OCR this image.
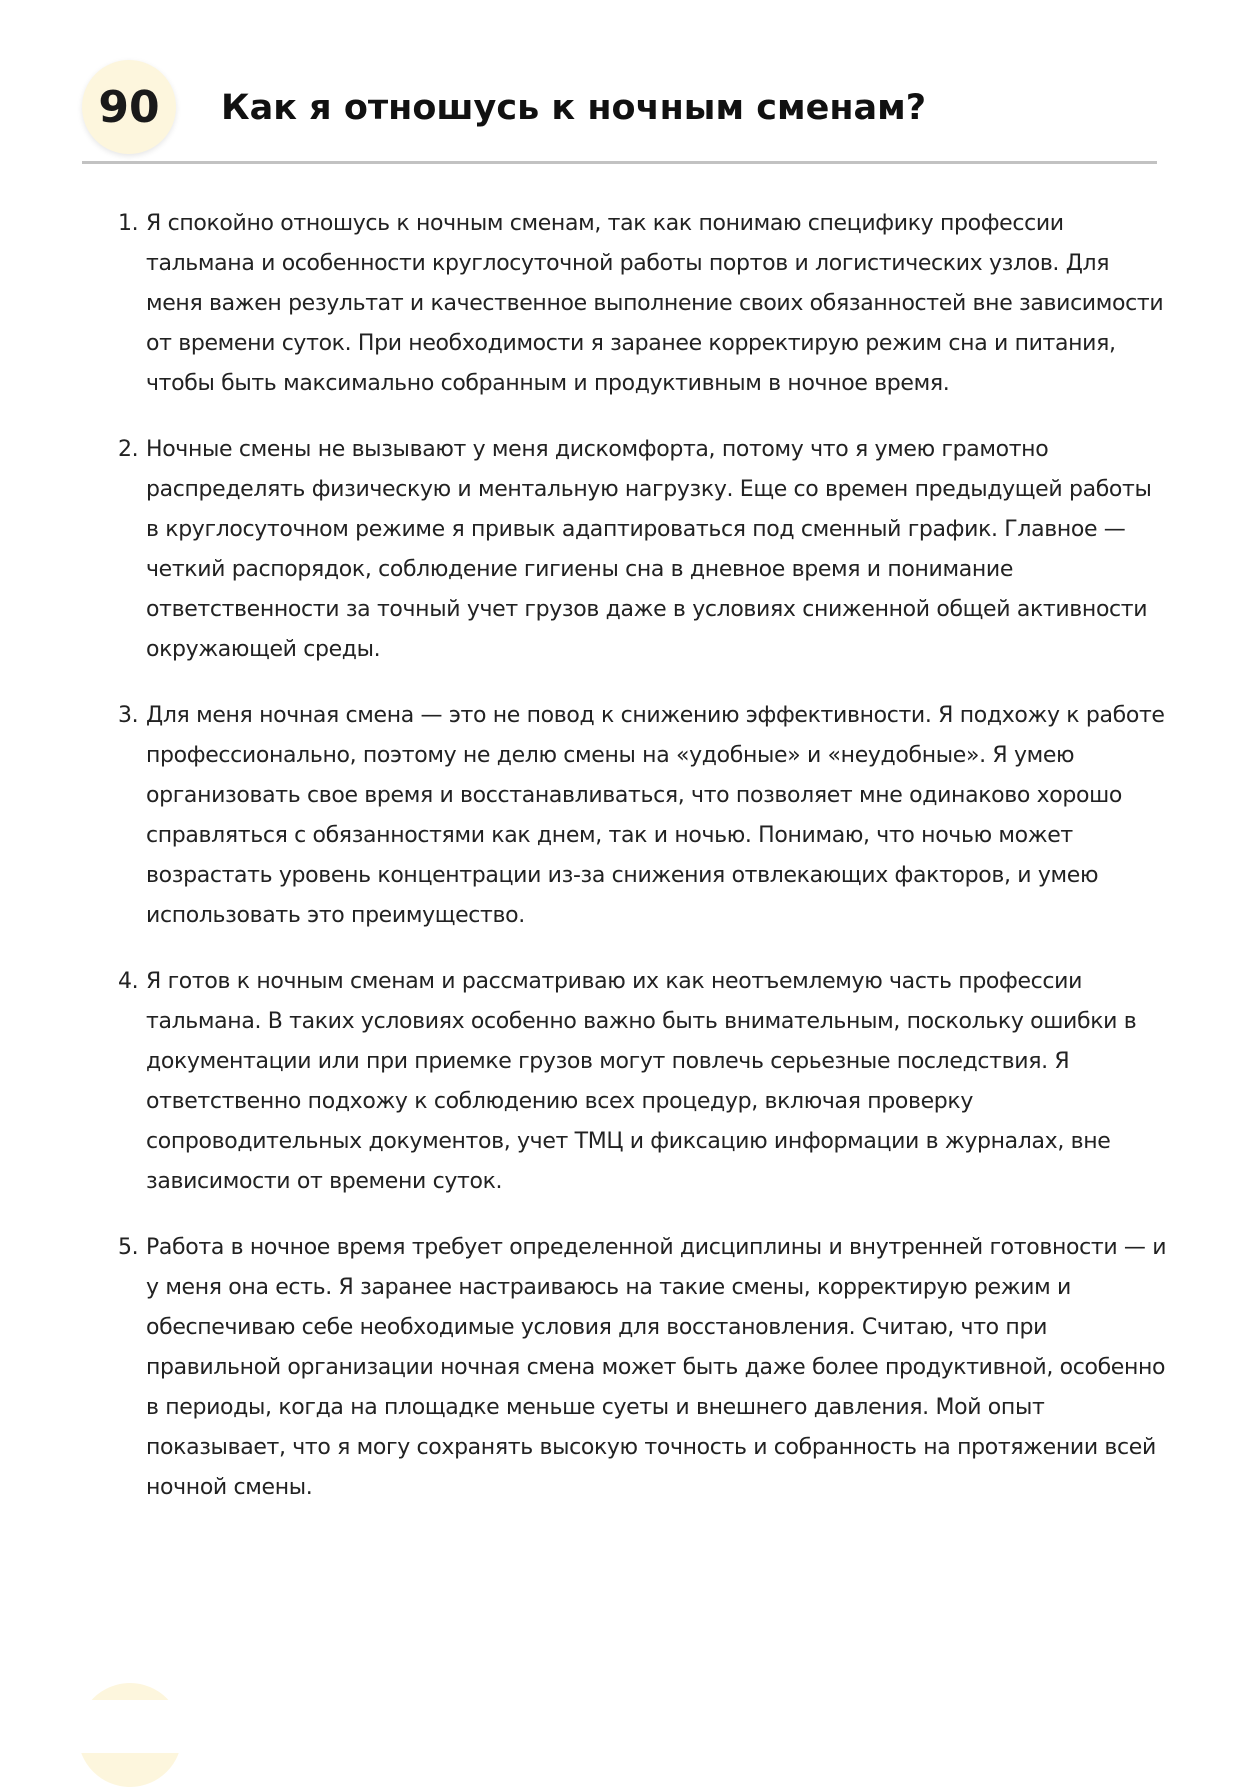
90 Как я отношусь к ночным сменам?
1. Я спокойно отношусь к ночным сменам, так как понимаю специфику профессии тальмана и особенности круглосуточной работы портов и логистических узлов. Для меня важен результат и качественное выполнение своих обязанностей вне зависимости от времени суток. При необходимости я заранее корректирую режим сна и питания, чтобы быть максимально собранным и продуктивным в ночное время.
2. Ночные смены не вызывают у меня дискомфорта, потому что я умею грамотно распределять физическую и ментальную нагрузку. Еще со времен предыдущей работы в круглосуточном режиме я привык адаптироваться под сменный график. Главное — четкий распорядок, соблюдение гигиены сна в дневное время и понимание ответственности за точный учет грузов даже в условиях сниженной общей активности окружающей среды.
3. Для меня ночная смена — это не повод к снижению эффективности. Я подхожу к работе профессионально, поэтому не делю смены на «удобные» и «неудобные». Я умею организовать свое время и восстанавливаться, что позволяет мне одинаково хорошо справляться с обязанностями как днем, так и ночью. Понимаю, что ночью может возрастать уровень концентрации из-за снижения отвлекающих факторов, и умею использовать это преимущество.
4. Я готов к ночным сменам и рассматриваю их как неотъемлемую часть профессии тальмана. В таких условиях особенно важно быть внимательным, поскольку ошибки в документации или при приемке грузов могут повлечь серьезные последствия. Я ответственно подхожу к соблюдению всех процедур, включая проверку сопроводительных документов, учет ТМЦ и фиксацию информации в журналах, вне зависимости от времени суток.
5. Работа в ночное время требует определенной дисциплины и внутренней готовности — и у меня она есть. Я заранее настраиваюсь на такие смены, корректирую режим и обеспечиваю себе необходимые условия для восстановления. Считаю, что при правильной организации ночная смена может быть даже более продуктивной, особенно в периоды, когда на площадке меньше суеты и внешнего давления. Мой опыт показывает, что я могу сохранять высокую точность и собранность на протяжении всей ночной смены.
